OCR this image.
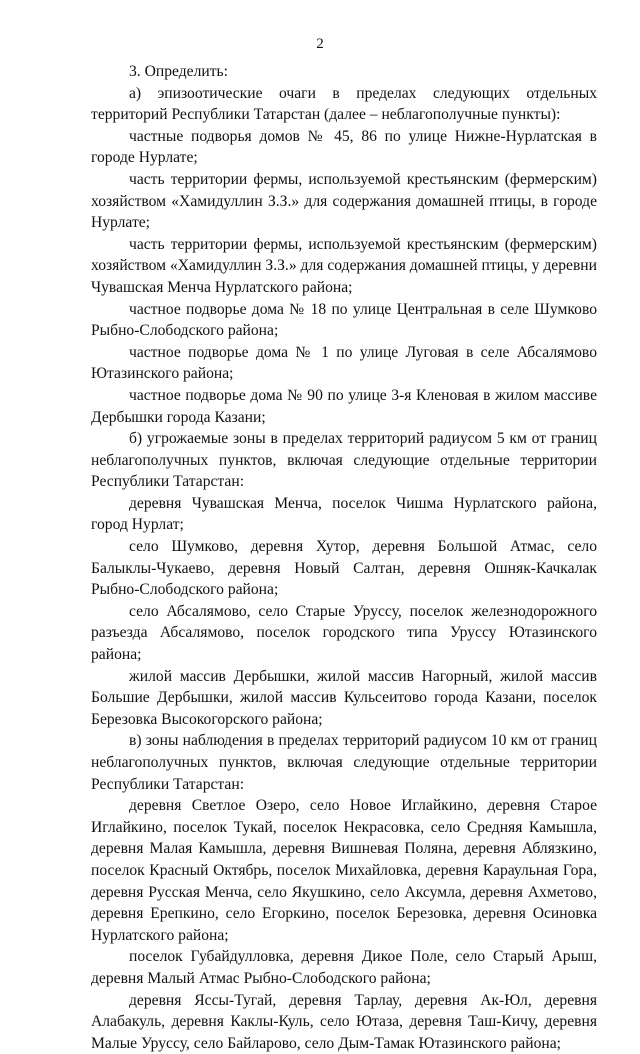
2

3. Определить:

а) эпизоотические очаги в пределах следующих отдельных территорий Республики Татарстан (далее – неблагополучные пункты):

частные подворья домов № 45, 86 по улице Нижне-Нурлатская в городе Нурлате;

часть территории фермы, используемой крестьянским (фермерским) хозяйством «Хамидуллин З.З.» для содержания домашней птицы, в городе Нурлате;

часть территории фермы, используемой крестьянским (фермерским) хозяйством «Хамидуллин З.З.» для содержания домашней птицы, у деревни Чувашская Менча Нурлатского района;

частное подворье дома № 18 по улице Центральная в селе Шумково Рыбно-Слободского района;

частное подворье дома № 1 по улице Луговая в селе Абсалямово Ютазинского района;

частное подворье дома № 90 по улице 3-я Кленовая в жилом массиве Дербышки города Казани;

б) угрожаемые зоны в пределах территорий радиусом 5 км от границ неблагополучных пунктов, включая следующие отдельные территории Республики Татарстан:

деревня Чувашская Менча, поселок Чишма Нурлатского района, город Нурлат;

село Шумково, деревня Хутор, деревня Большой Атмас, село Балыклы-Чукаево, деревня Новый Салтан, деревня Ошняк-Качкалак Рыбно-Слободского района;

село Абсалямово, село Старые Уруссу, поселок железнодорожного разъезда Абсалямово, поселок городского типа Уруссу Ютазинского района;

жилой массив Дербышки, жилой массив Нагорный, жилой массив Большие Дербышки, жилой массив Кульсеитово города Казани, поселок Березовка Высокогорского района;

в) зоны наблюдения в пределах территорий радиусом 10 км от границ неблагополучных пунктов, включая следующие отдельные территории Республики Татарстан:

деревня Светлое Озеро, село Новое Иглайкино, деревня Старое Иглайкино, поселок Тукай, поселок Некрасовка, село Средняя Камышла, деревня Малая Камышла, деревня Вишневая Поляна, деревня Аблязкино, поселок Красный Октябрь, поселок Михайловка, деревня Караульная Гора, деревня Русская Менча, село Якушкино, село Аксумла, деревня Ахметово, деревня Ерепкино, село Егоркино, поселок Березовка, деревня Осиновка Нурлатского района;

поселок Губайдулловка, деревня Дикое Поле, село Старый Арыш, деревня Малый Атмас Рыбно-Слободского района;

деревня Яссы-Тугай, деревня Тарлау, деревня Ак-Юл, деревня Алабакуль, деревня Каклы-Куль, село Ютаза, деревня Таш-Кичу, деревня Малые Уруссу, село Байларово, село Дым-Тамак Ютазинского района;
